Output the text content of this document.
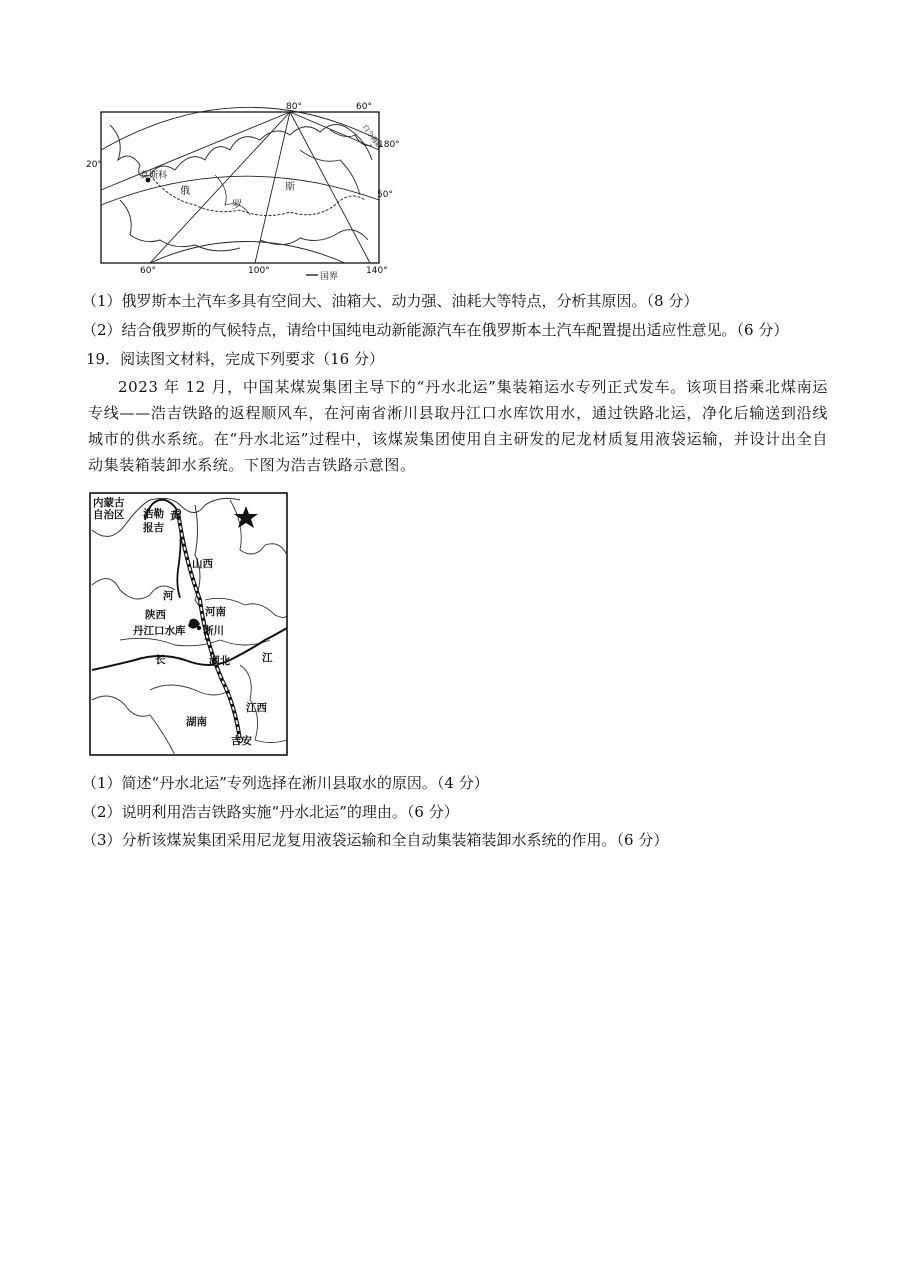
80°	60°
180°
20°
50°
60°	100°	140°
莫斯科
俄
罗
斯
白令海峡
国界
（1）俄罗斯本土汽车多具有空间大、油箱大、动力强、油耗大等特点，分析其原因。（8 分）
（2）结合俄罗斯的气候特点，请给中国纯电动新能源汽车在俄罗斯本土汽车配置提出适应性意见。（6 分）
19．阅读图文材料，完成下列要求（16 分）
2023 年 12 月，中国某煤炭集团主导下的“丹水北运”集装箱运水专列正式发车。该项目搭乘北煤南运专线——浩吉铁路的返程顺风车，在河南省淅川县取丹江口水库饮用水，通过铁路北运，净化后输送到沿线城市的供水系统。在“丹水北运”过程中，该煤炭集团使用自主研发的尼龙材质复用液袋运输，并设计出全自动集装箱装卸水系统。下图为浩吉铁路示意图。
内蒙古
自治区 浩勒
报吉
黄
山西
河
河南
陕西
丹江口水库 淅川
长	江
湖北
江西
湖南
吉安
（1）简述“丹水北运”专列选择在淅川县取水的原因。（4 分）
（2）说明利用浩吉铁路实施“丹水北运”的理由。（6 分）
（3）分析该煤炭集团采用尼龙复用液袋运输和全自动集装箱装卸水系统的作用。（6 分）
